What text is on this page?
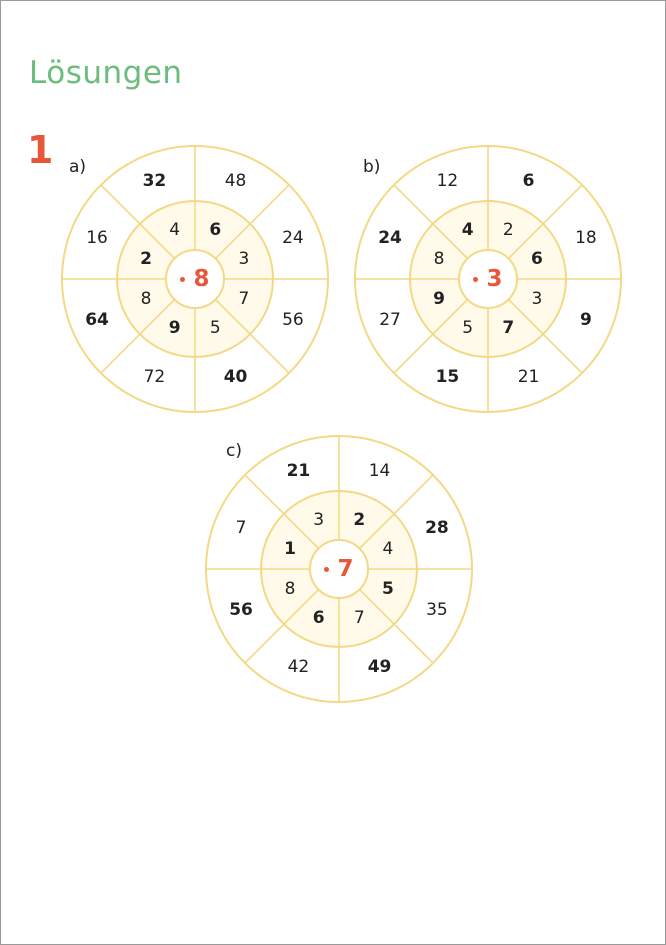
Lösungen
1 a)
6
3
7
5
9
8
2
4
48
24
56
40
72
64
16
32
8
b)
2
6
3
7
5
9
8
4
6
18
9
21
15
27
24
12
3
c)
2
4
5
7
6
8
1
3
14
28
35
49
42
56
7
21
7
